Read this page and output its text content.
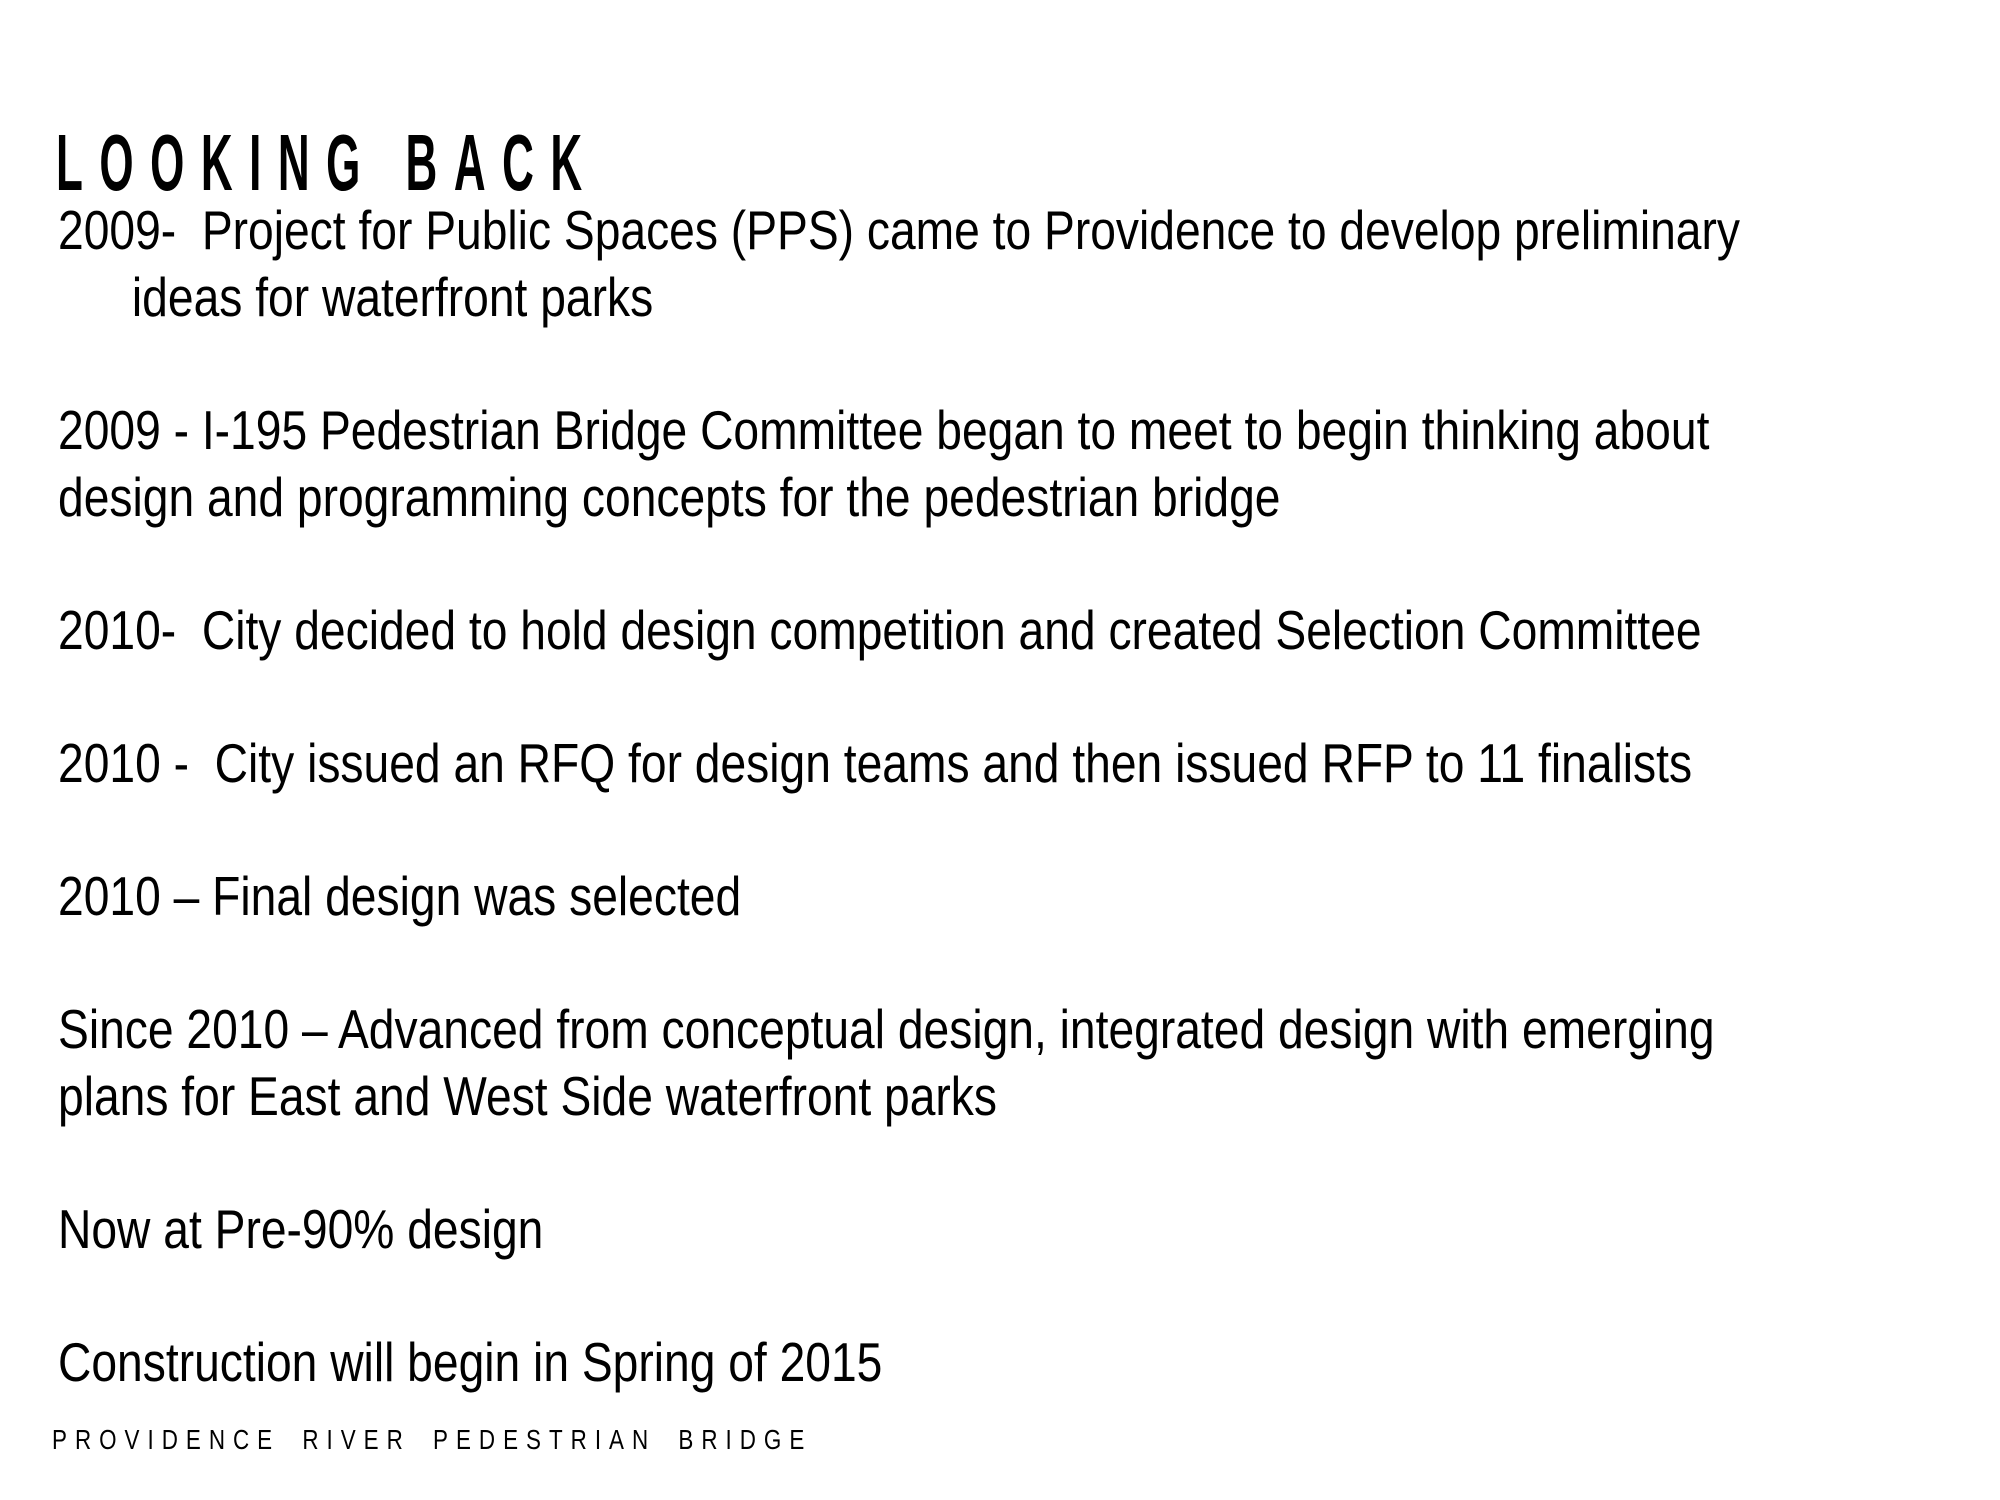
LOOKING BACK
2009-  Project for Public Spaces (PPS) came to Providence to develop preliminary
ideas for waterfront parks
2009 - I-195 Pedestrian Bridge Committee began to meet to begin thinking about
design and programming concepts for the pedestrian bridge
2010-  City decided to hold design competition and created Selection Committee
2010 -  City issued an RFQ for design teams and then issued RFP to 11 finalists
2010 – Final design was selected
Since 2010 – Advanced from conceptual design, integrated design with emerging
plans for East and West Side waterfront parks
Now at Pre-90% design
Construction will begin in Spring of 2015
PROVIDENCE RIVER PEDESTRIAN BRIDGE
